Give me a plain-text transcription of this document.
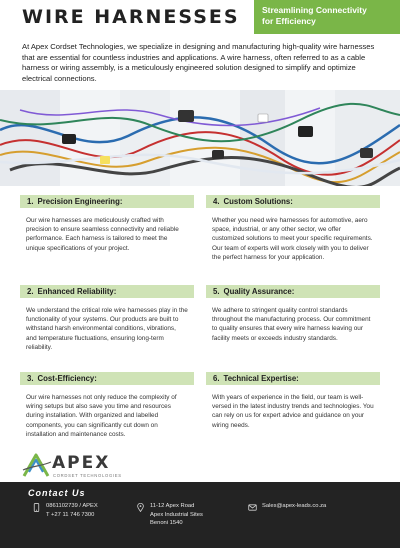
WIRE HARNESSES	Streamlining Connectivity
for Efficiency

At Apex Cordset Technologies, we specialize in designing and manufacturing high-quality wire harnesses that are essential for countless industries and applications. A wire harness, often referred to as a cable harness or wiring assembly, is a meticulously engineered solution designed to simplify and optimize electrical connections.

1. Precision Engineering:
Our wire harnesses are meticulously crafted with precision to ensure seamless connectivity and reliable performance. Each harness is tailored to meet the unique specifications of your project.
4. Custom Solutions:
Whether you need wire harnesses for automotive, aero space, industrial, or any other sector, we offer customized solutions to meet your specific requirements. Our team of experts will work closely with you to deliver the perfect harness for your application.
2. Enhanced Reliability:
We understand the critical role wire harnesses play in the functionality of your systems. Our products are built to withstand harsh environmental conditions, vibrations, and temperature fluctuations, ensuring long-term reliability.
5. Quality Assurance:
We adhere to stringent quality control standards throughout the manufacturing process. Our commitment to quality ensures that every wire harness leaving our facility meets or exceeds industry standards.
3. Cost-Efficiency:
Our wire harnesses not only reduce the complexity of wiring setups but also save you time and resources during installation. With organized and labelled components, you can significantly cut down on installation and maintenance costs.
6. Technical Expertise:
With years of experience in the field, our team is well-versed in the latest industry trends and technologies. You can rely on us for expert advice and guidance on your wiring needs.
APEX
CORDSET TECHNOLOGIES
Contact Us
0861102739 / APEX
T +27 11 746 7300
11-12 Apex Road
Apex Industrial Sites
Benoni 1540
Sales@apex-leads.co.za
